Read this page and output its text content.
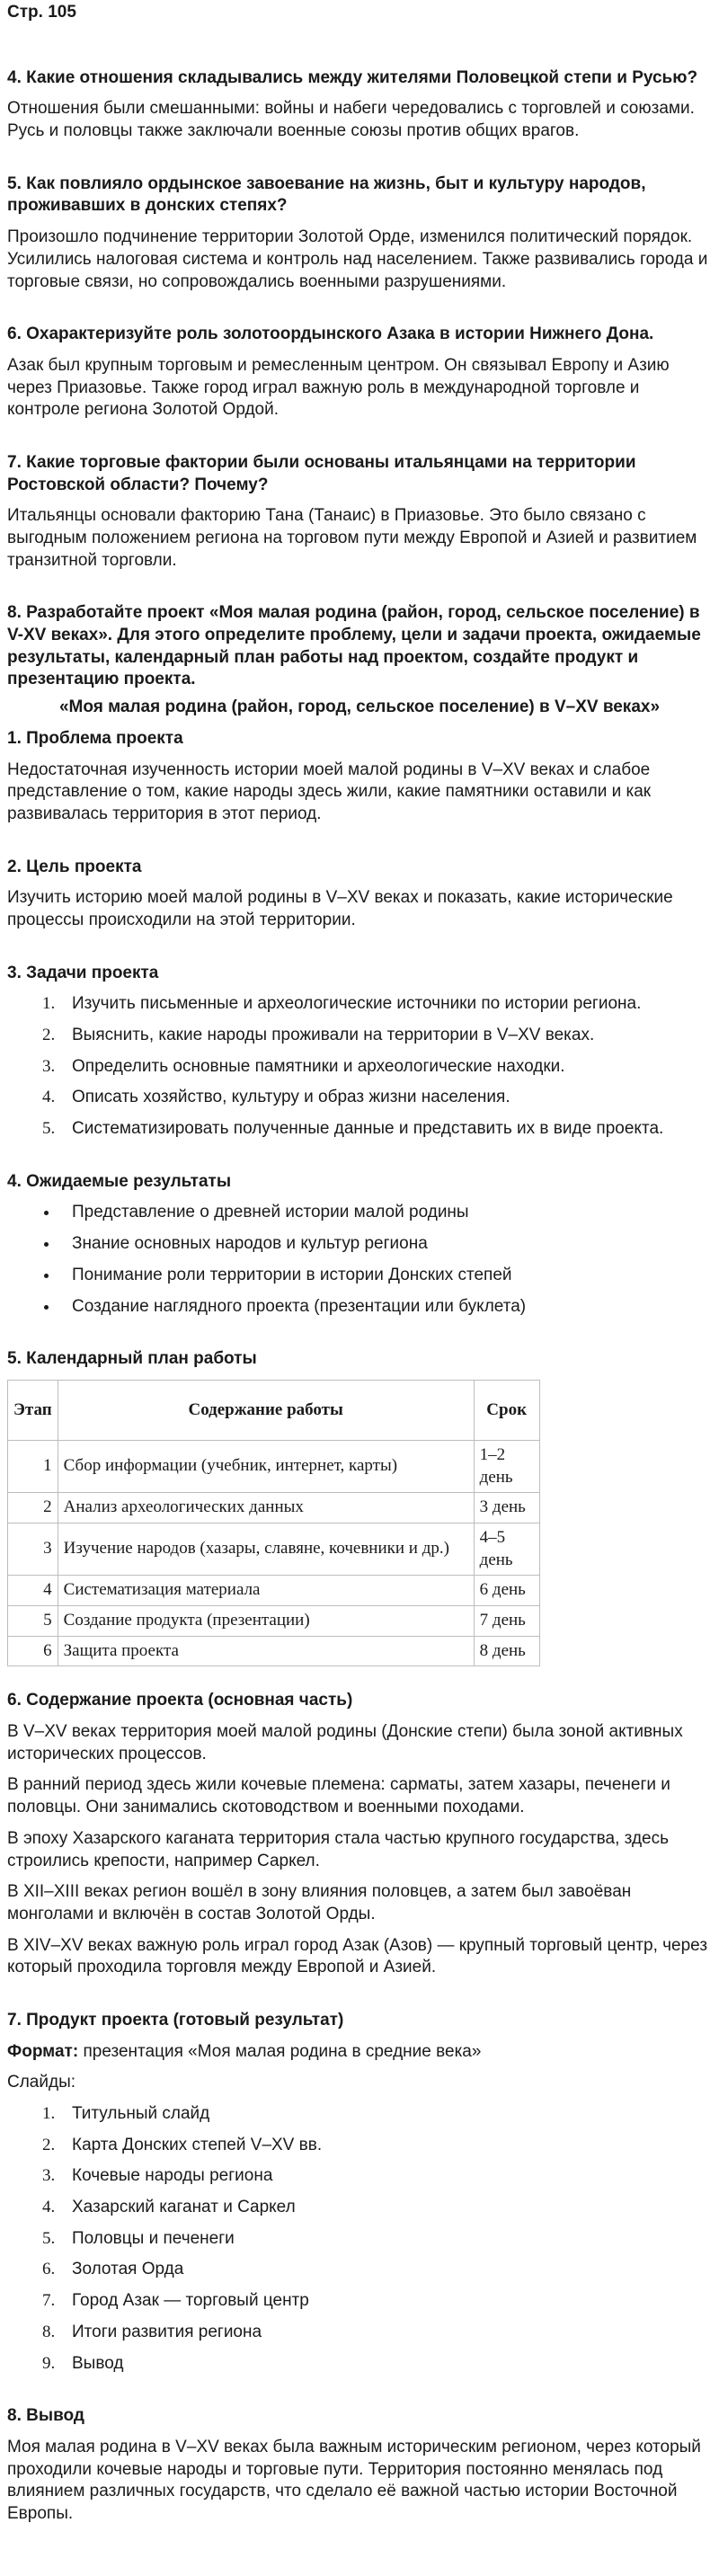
Стр. 105
4. Какие отношения складывались между жителями Половецкой степи и Русью?
Отношения были смешанными: войны и набеги чередовались с торговлей и союзами. Русь и половцы также заключали военные союзы против общих врагов.
5. Как повлияло ордынское завоевание на жизнь, быт и культуру народов, проживавших в донских степях?
Произошло подчинение территории Золотой Орде, изменился политический порядок. Усилились налоговая система и контроль над населением. Также развивались города и торговые связи, но сопровождались военными разрушениями.
6. Охарактеризуйте роль золотоордынского Азака в истории Нижнего Дона.
Азак был крупным торговым и ремесленным центром. Он связывал Европу и Азию через Приазовье. Также город играл важную роль в международной торговле и контроле региона Золотой Ордой.
7. Какие торговые фактории были основаны итальянцами на территории Ростовской области? Почему?
Итальянцы основали факторию Тана (Танаис) в Приазовье. Это было связано с выгодным положением региона на торговом пути между Европой и Азией и развитием транзитной торговли.
8. Разработайте проект «Моя малая родина (район, город, сельское поселение) в V-XV веках». Для этого определите проблему, цели и задачи проекта, ожидаемые результаты, календарный план работы над проектом, создайте продукт и презентацию проекта.
«Моя малая родина (район, город, сельское поселение) в V–XV веках»
1. Проблема проекта
Недостаточная изученность истории моей малой родины в V–XV веках и слабое представление о том, какие народы здесь жили, какие памятники оставили и как развивалась территория в этот период.
2. Цель проекта
Изучить историю моей малой родины в V–XV веках и показать, какие исторические процессы происходили на этой территории.
3. Задачи проекта
1. Изучить письменные и археологические источники по истории региона.
2. Выяснить, какие народы проживали на территории в V–XV веках.
3. Определить основные памятники и археологические находки.
4. Описать хозяйство, культуру и образ жизни населения.
5. Систематизировать полученные данные и представить их в виде проекта.
4. Ожидаемые результаты
• Представление о древней истории малой родины
• Знание основных народов и культур региона
• Понимание роли территории в истории Донских степей
• Создание наглядного проекта (презентации или буклета)
5. Календарный план работы
Этап	Содержание работы	Срок
1	Сбор информации (учебник, интернет, карты)	1–2 день
2	Анализ археологических данных	3 день
3	Изучение народов (хазары, славяне, кочевники и др.)	4–5 день
4	Систематизация материала	6 день
5	Создание продукта (презентации)	7 день
6	Защита проекта	8 день
6. Содержание проекта (основная часть)
В V–XV веках территория моей малой родины (Донские степи) была зоной активных исторических процессов.
В ранний период здесь жили кочевые племена: сарматы, затем хазары, печенеги и половцы. Они занимались скотоводством и военными походами.
В эпоху Хазарского каганата территория стала частью крупного государства, здесь строились крепости, например Саркел.
В XII–XIII веках регион вошёл в зону влияния половцев, а затем был завоёван монголами и включён в состав Золотой Орды.
В XIV–XV веках важную роль играл город Азак (Азов) — крупный торговый центр, через который проходила торговля между Европой и Азией.
7. Продукт проекта (готовый результат)
Формат: презентация «Моя малая родина в средние века»
Слайды:
1. Титульный слайд
2. Карта Донских степей V–XV вв.
3. Кочевые народы региона
4. Хазарский каганат и Саркел
5. Половцы и печенеги
6. Золотая Орда
7. Город Азак — торговый центр
8. Итоги развития региона
9. Вывод
8. Вывод
Моя малая родина в V–XV веках была важным историческим регионом, через который проходили кочевые народы и торговые пути. Территория постоянно менялась под влиянием различных государств, что сделало её важной частью истории Восточной Европы.
